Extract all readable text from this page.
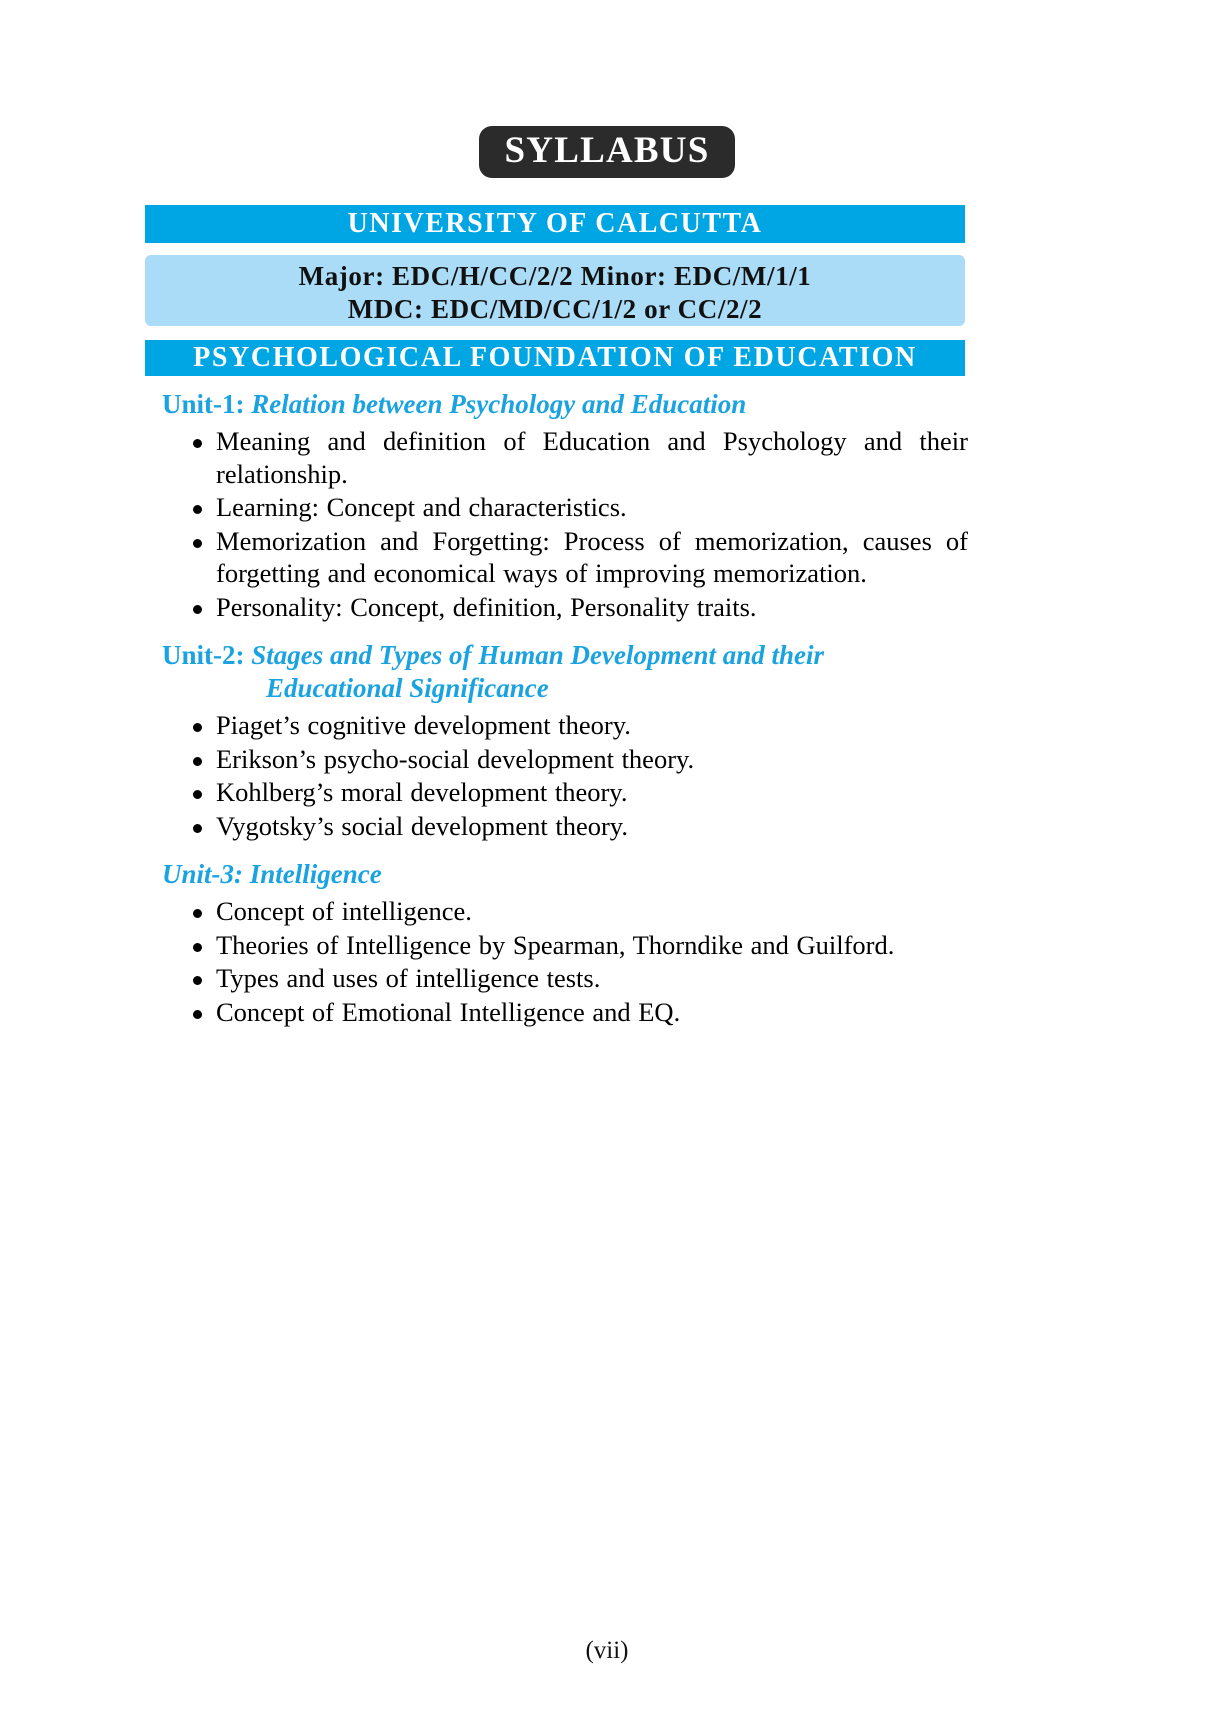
SYLLABUS
UNIVERSITY OF CALCUTTA
Major: EDC/H/CC/2/2 Minor: EDC/M/1/1
MDC: EDC/MD/CC/1/2 or CC/2/2
PSYCHOLOGICAL FOUNDATION OF EDUCATION
Unit-1: Relation between Psychology and Education
Meaning and definition of Education and Psychology and their relationship.
Learning: Concept and characteristics.
Memorization and Forgetting: Process of memorization, causes of forgetting and economical ways of improving memorization.
Personality: Concept, definition, Personality traits.
Unit-2: Stages and Types of Human Development and their
Educational Significance
Piaget’s cognitive development theory.
Erikson’s psycho-social development theory.
Kohlberg’s moral development theory.
Vygotsky’s social development theory.
Unit-3: Intelligence
Concept of intelligence.
Theories of Intelligence by Spearman, Thorndike and Guilford.
Types and uses of intelligence tests.
Concept of Emotional Intelligence and EQ.
(vii)
